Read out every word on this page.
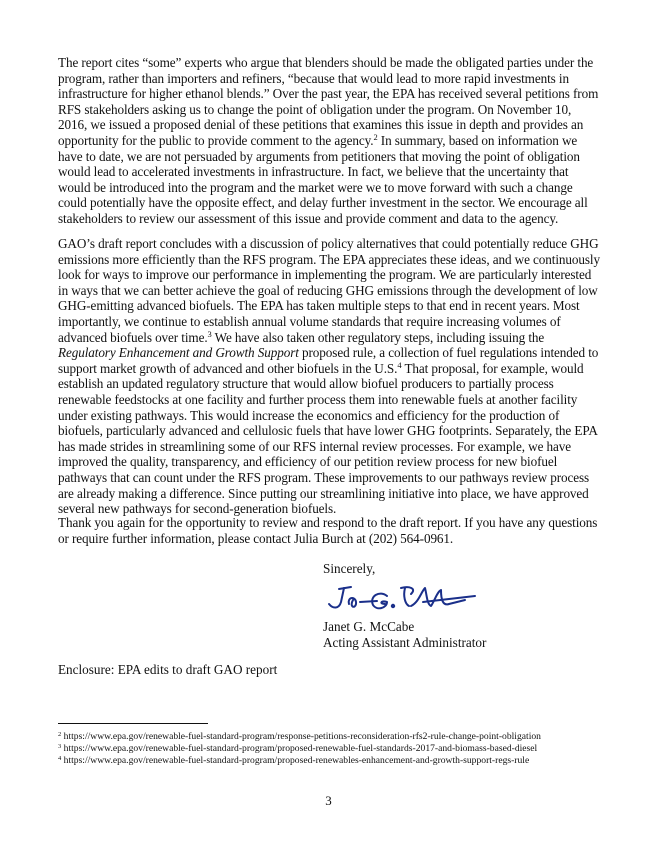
The report cites “some” experts who argue that blenders should be made the obligated parties under the program, rather than importers and refiners, “because that would lead to more rapid investments in infrastructure for higher ethanol blends.” Over the past year, the EPA has received several petitions from RFS stakeholders asking us to change the point of obligation under the program. On November 10, 2016, we issued a proposed denial of these petitions that examines this issue in depth and provides an opportunity for the public to provide comment to the agency.$^2$ In summary, based on information we have to date, we are not persuaded by arguments from petitioners that moving the point of obligation would lead to accelerated investments in infrastructure. In fact, we believe that the uncertainty that would be introduced into the program and the market were we to move forward with such a change could potentially have the opposite effect, and delay further investment in the sector. We encourage all stakeholders to review our assessment of this issue and provide comment and data to the agency.

GAO’s draft report concludes with a discussion of policy alternatives that could potentially reduce GHG emissions more efficiently than the RFS program. The EPA appreciates these ideas, and we continuously look for ways to improve our performance in implementing the program. We are particularly interested in ways that we can better achieve the goal of reducing GHG emissions through the development of low GHG-emitting advanced biofuels. The EPA has taken multiple steps to that end in recent years. Most importantly, we continue to establish annual volume standards that require increasing volumes of advanced biofuels over time.$^3$ We have also taken other regulatory steps, including issuing the Regulatory Enhancement and Growth Support proposed rule, a collection of fuel regulations intended to support market growth of advanced and other biofuels in the U.S.$^4$ That proposal, for example, would establish an updated regulatory structure that would allow biofuel producers to partially process renewable feedstocks at one facility and further process them into renewable fuels at another facility under existing pathways. This would increase the economics and efficiency for the production of biofuels, particularly advanced and cellulosic fuels that have lower GHG footprints. Separately, the EPA has made strides in streamlining some of our RFS internal review processes. For example, we have improved the quality, transparency, and efficiency of our petition review process for new biofuel pathways that can count under the RFS program. These improvements to our pathways review process are already making a difference. Since putting our streamlining initiative into place, we have approved several new pathways for second-generation biofuels.

Thank you again for the opportunity to review and respond to the draft report. If you have any questions or require further information, please contact Julia Burch at (202) 564-0961.

Sincerely,
Janet G. McCabe
Acting Assistant Administrator
Enclosure: EPA edits to draft GAO report
$^2$ https://www.epa.gov/renewable-fuel-standard-program/response-petitions-reconsideration-rfs2-rule-change-point-obligation
$^3$ https://www.epa.gov/renewable-fuel-standard-program/proposed-renewable-fuel-standards-2017-and-biomass-based-diesel
$^4$ https://www.epa.gov/renewable-fuel-standard-program/proposed-renewables-enhancement-and-growth-support-regs-rule
3
